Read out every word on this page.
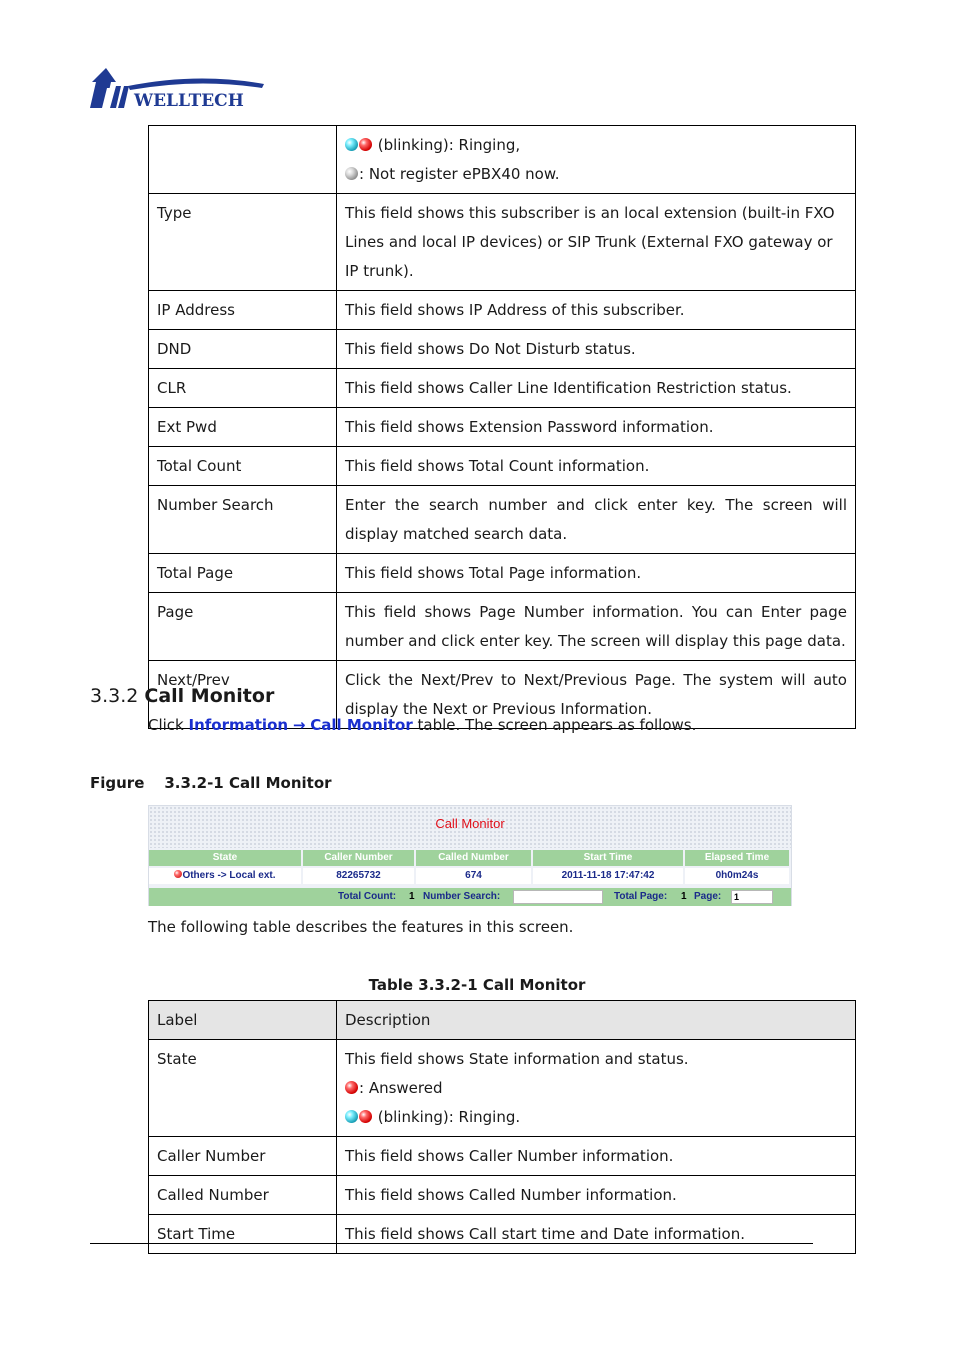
WELLTECH

	(blinking): Ringing,
: Not register ePBX40 now.

Type	This field shows this subscriber is an local extension (built-in FXO Lines and local IP devices) or SIP Trunk (External FXO gateway or IP trunk).
IP Address	This field shows IP Address of this subscriber.
DND	This field shows Do Not Disturb status.
CLR	This field shows Caller Line Identification Restriction status.
Ext Pwd	This field shows Extension Password information.
Total Count	This field shows Total Count information.
Number Search	Enter the search number and click enter key. The screen will display matched search data.
Total Page	This field shows Total Page information.
Page	This field shows Page Number information. You can Enter page number and click enter key. The screen will display this page data.
Next/Prev	Click the Next/Prev to Next/Previous Page. The system will auto display the Next or Previous Information.
3.3.2 Call Monitor
Click Information → Call Monitor table. The screen appears as follows.
Figure 3.3.2-1 Call Monitor
Call Monitor
State	Caller Number	Called Number	Start Time	Elapsed Time
Others -> Local ext.	82265732	674	2011-11-18 17:47:42	0h0m24s
Total Count: 1 Number Search:	Total Page: 1 Page:	1
The following table describes the features in this screen.
Table 3.3.2-1 Call Monitor
Label	Description
State	This field shows State information and status.
: Answered
(blinking): Ringing.

Caller Number	This field shows Caller Number information.
Called Number	This field shows Called Number information.
Start Time	This field shows Call start time and Date information.
